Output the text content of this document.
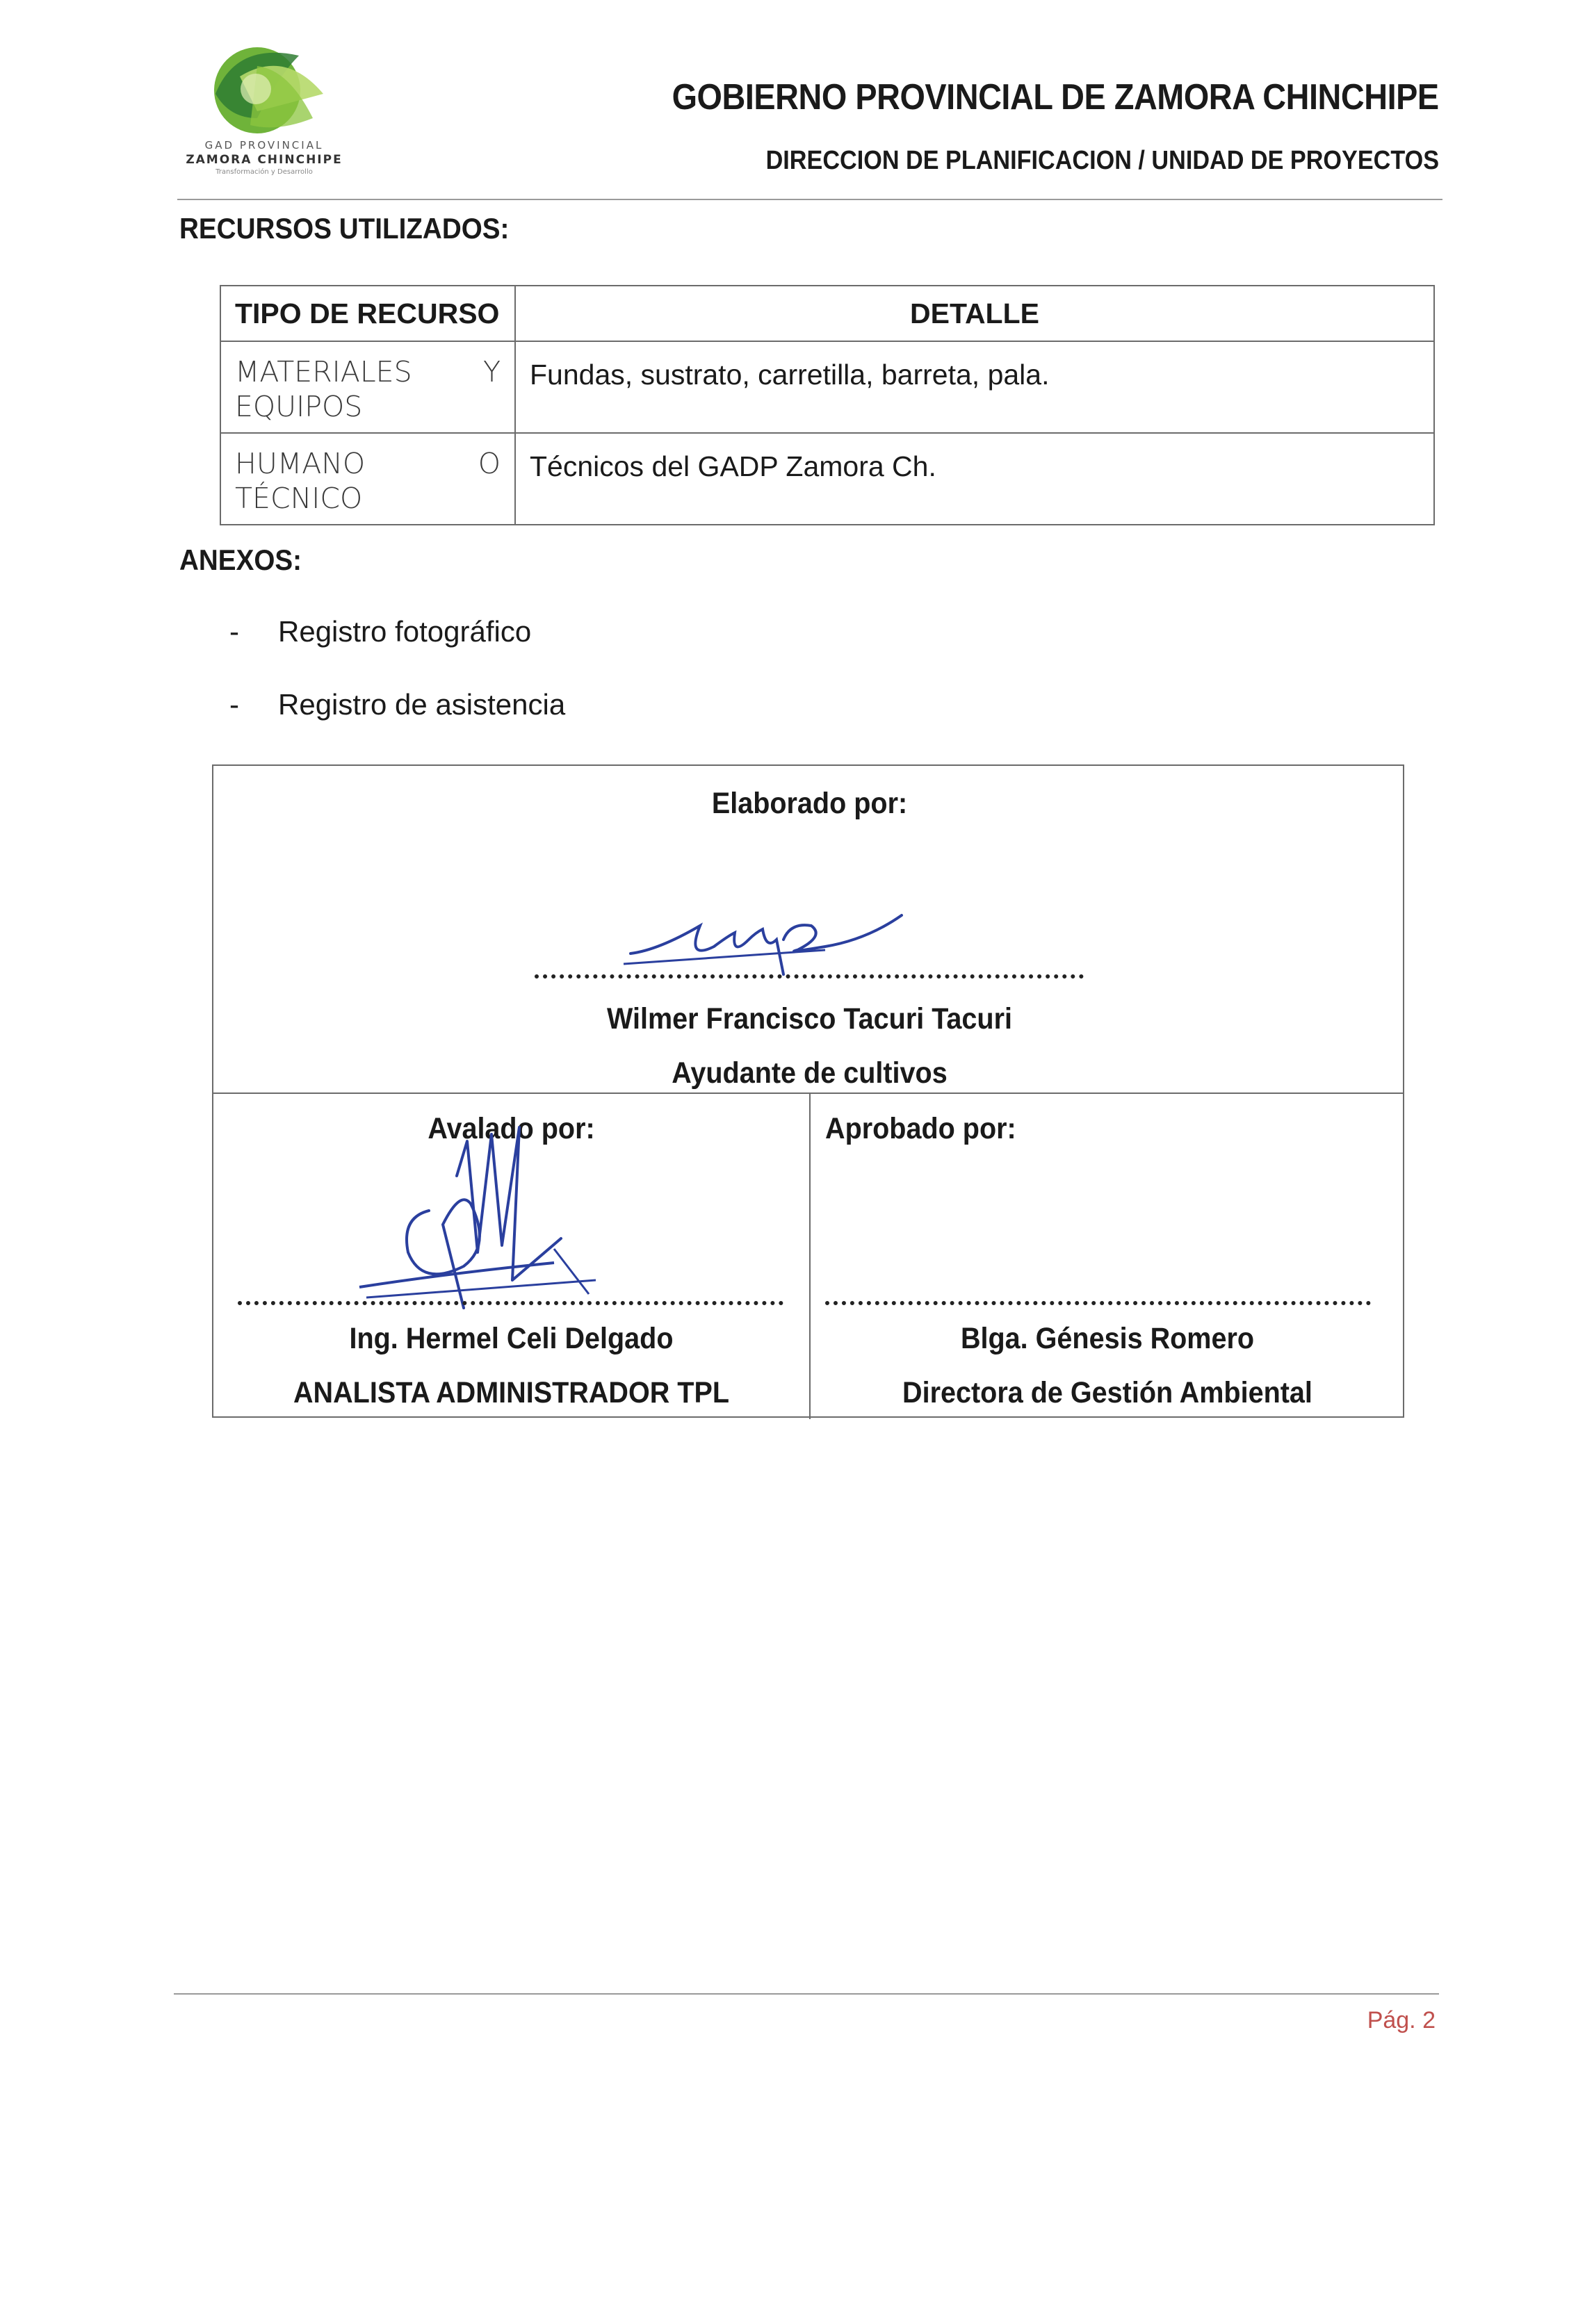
GAD PROVINCIAL
ZAMORA CHINCHIPE
Transformación y Desarrollo
GOBIERNO PROVINCIAL DE ZAMORA CHINCHIPE
DIRECCION DE PLANIFICACION / UNIDAD DE PROYECTOS
RECURSOS UTILIZADOS:
TIPO DE RECURSO	DETALLE

MATERIALES Y
EQUIPOS	Fundas, sustrato, carretilla, barreta, pala.

HUMANO O
TÉCNICO	Técnicos del GADP Zamora Ch.
ANEXOS:
-	Registro fotográfico
-	Registro de asistencia
Elaborado por:
Wilmer Francisco Tacuri Tacuri
Ayudante de cultivos
Avalado por:
Ing. Hermel Celi Delgado
ANALISTA ADMINISTRADOR TPL
Aprobado por:
Blga. Génesis Romero
Directora de Gestión Ambiental
Pág. 2
